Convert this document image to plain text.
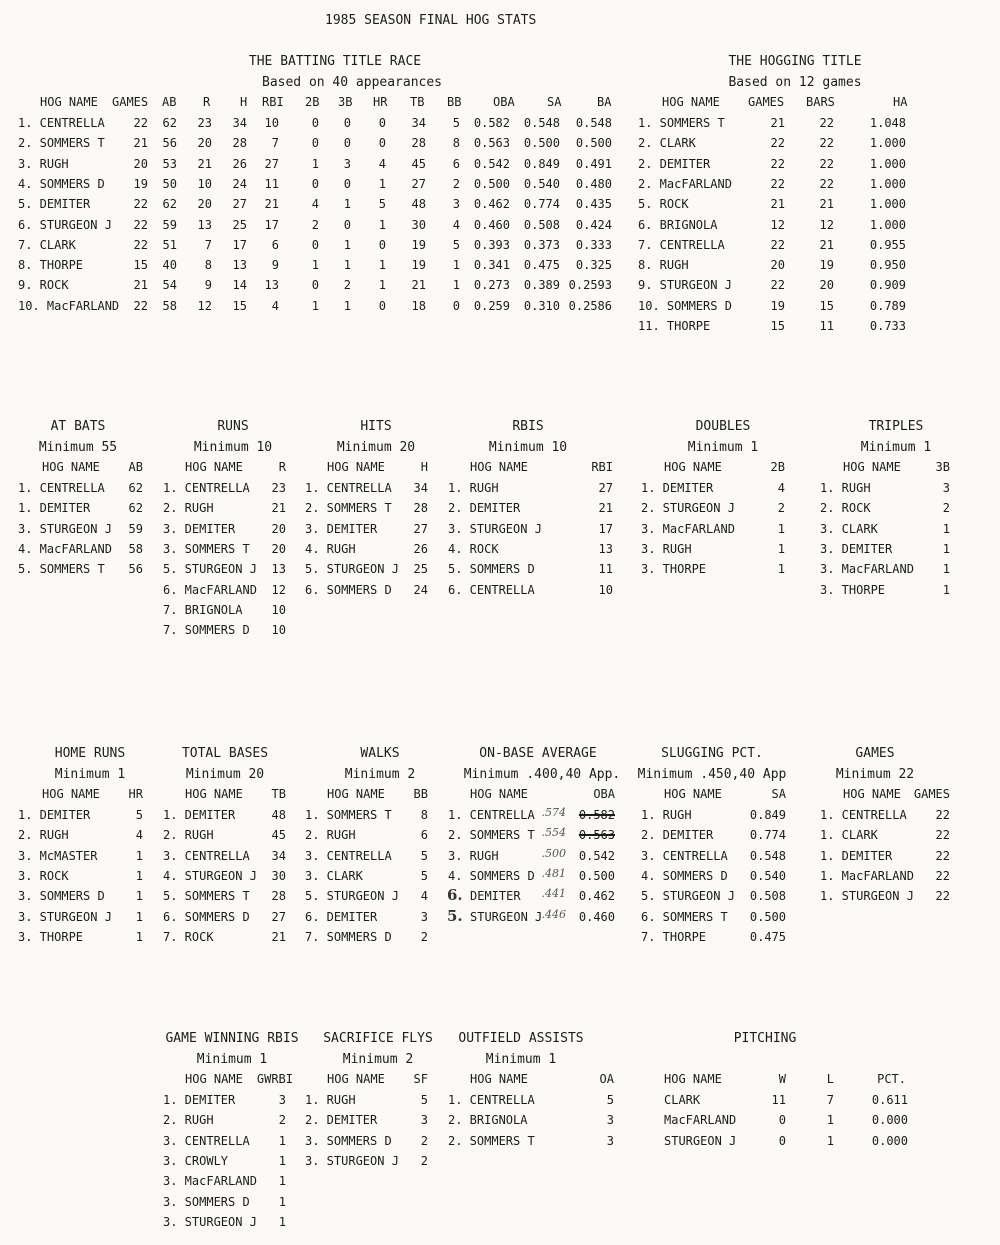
1985 SEASON FINAL HOG STATS
THE BATTING TITLE RACE
Based on 40 appearances
HOG NAME GAMES AB R H RBI 2B 3B HR TB BB	OBA	SA	BA
1. CENTRELLA 22 62 23 34 10	0 0 0 34 5 0.582 0.548 0.548
2. SOMMERS T 21 56 20 28 7	0 0 0 28 8 0.563 0.500 0.500
3. RUGH	20 53 21 26 27	1 3 4 45 6 0.542 0.849 0.491
4. SOMMERS D 19 50 10 24 11	0 0 1 27 2 0.500 0.540 0.480
5. DEMITER	22 62 20 27 21	4 1 5 48 3 0.462 0.774 0.435
6. STURGEON J 22 59 13 25 17	2 0 1 30 4 0.460 0.508 0.424
7. CLARK	22 51 7 17 6	0 1 0 19 5 0.393 0.373 0.333
8. THORPE	15 40 8 13 9	1 1 1 19 1 0.341 0.475 0.325
9. ROCK	21 54 9 14 13	0 2 1 21 1 0.273 0.389 0.2593
10. MacFARLAND 22 58 12 15 4	1 1 0 18 0 0.259 0.310 0.2586
THE HOGGING TITLE
Based on 12 games
HOG NAME GAMES BARS	HA
1. SOMMERS T	21	22	1.048
2. CLARK	22	22	1.000
2. DEMITER	22	22	1.000
2. MacFARLAND	22	22	1.000
5. ROCK	21	21	1.000
6. BRIGNOLA	12	12	1.000
7. CENTRELLA	22	21	0.955
8. RUGH	20	19	0.950
9. STURGEON J	22	20	0.909
10. SOMMERS D	19	15	0.789
11. THORPE	15	11	0.733
AT BATS
Minimum 55
HOG NAME AB
1. CENTRELLA 62
1. DEMITER	62
3. STURGEON J 59
4. MacFARLAND 58
5. SOMMERS T 56
RUNS
Minimum 10
HOG NAME	R
1. CENTRELLA 23
2. RUGH	21
3. DEMITER	20
3. SOMMERS T 20
5. STURGEON J 13
6. MacFARLAND 12
7. BRIGNOLA 10
7. SOMMERS D 10
HITS
Minimum 20
HOG NAME	H
1. CENTRELLA 34
2. SOMMERS T 28
3. DEMITER	27
4. RUGH	26
5. STURGEON J 25
6. SOMMERS D 24
RBIS
Minimum 10
HOG NAME	RBI
1. RUGH	27
2. DEMITER	21
3. STURGEON J	17
4. ROCK	13
5. SOMMERS D	11
6. CENTRELLA	10
DOUBLES
Minimum 1
HOG NAME	2B
1. DEMITER	4
2. STURGEON J	2
3. MacFARLAND	1
3. RUGH	1
3. THORPE	1
TRIPLES
Minimum 1
HOG NAME	3B
1. RUGH	3
2. ROCK	2
3. CLARK	1
3. DEMITER	1
3. MacFARLAND 1
3. THORPE	1
HOME RUNS
Minimum 1
HOG NAME HR
1. DEMITER	5
2. RUGH	4
3. McMASTER	1
3. ROCK	1
3. SOMMERS D	1
3. STURGEON J 1
3. THORPE	1
TOTAL BASES
Minimum 20
HOG NAME TB
1. DEMITER	48
2. RUGH	45
3. CENTRELLA 34
4. STURGEON J 30
5. SOMMERS T 28
6. SOMMERS D 27
7. ROCK	21
WALKS
Minimum 2
HOG NAME BB
1. SOMMERS T 8
2. RUGH	6
3. CENTRELLA 5
3. CLARK	5
5. STURGEON J 4
6. DEMITER	3
7. SOMMERS D 2
SLUGGING PCT.
Minimum .450,40 App
HOG NAME	SA
1. RUGH	0.849
2. DEMITER	0.774
3. CENTRELLA 0.548
4. SOMMERS D 0.540
5. STURGEON J 0.508
6. SOMMERS T 0.500
7. THORPE	0.475
GAMES
Minimum 22
HOG NAME GAMES
1. CENTRELLA 22
1. CLARK	22
1. DEMITER	22
1. MacFARLAND 22
1. STURGEON J 22
ON-BASE AVERAGE
Minimum .400,40 App.
HOG NAME	OBA
1. CENTRELLA .574 0.582
2. SOMMERS T .554 0.563
3. RUGH	.500 0.542
4. SOMMERS D .481 0.500
6. DEMITER .441 0.462
5. STURGEON J .446 0.460
GAME WINNING RBIS
Minimum 1
HOG NAME GWRBI
1. DEMITER	3
2. RUGH	2
3. CENTRELLA 1
3. CROWLY	1
3. MacFARLAND 1
3. SOMMERS D 1
3. STURGEON J 1
SACRIFICE FLYS
Minimum 2
HOG NAME SF
1. RUGH	5
2. DEMITER	3
3. SOMMERS D 2
3. STURGEON J 2
OUTFIELD ASSISTS
Minimum 1
HOG NAME	OA
1. CENTRELLA	5
2. BRIGNOLA	3
2. SOMMERS T	3
PITCHING
HOG NAME	W	L	PCT.
CLARK	11	7	0.611
MacFARLAND	0	1	0.000
STURGEON J	0	1	0.000
